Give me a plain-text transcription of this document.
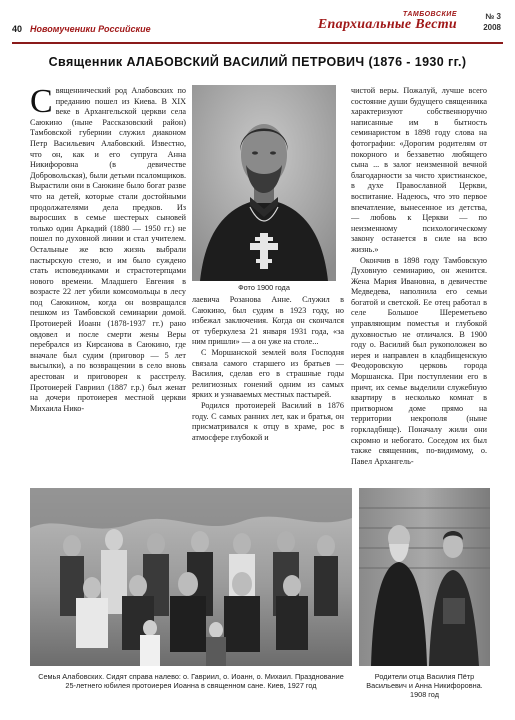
40 Новомученики Российские
ТАМБОВСКИЕ
Епархиальные Вести
№ 3
2008
Священник АЛАБОВСКИЙ ВАСИЛИЙ ПЕТРОВИЧ (1876 - 1930 гг.)
С вященнический род Алабовских по преданию пошел из Киева. В XIX веке в Архангельской церкви села Саюкино (ныне Рассказовский район) Тамбовской губернии служил диаконом Петр Васильевич Алабовский. Известно, что он, как и его супруга Анна Никифоровна (в девичестве Добровольская), были детьми псаломщиков. Вырастили они в Саюкине было богат разве что на детей, которые стали достойными продолжателями дела предков. Из выросших в семье шестерых сыновей только один Аркадий (1880 — 1950 гг.) не пошел по духовной линии и стал учителем. Остальные же всю жизнь выбрали пастырскую стезю, и им было суждено стать исповедниками и страстотерпцами нового времени. Младшего Евгения в возрасте 22 лет убили комсомольцы в лесу под Саюкином, когда он возвращался пешком из Тамбовской семинарии домой. Протоиерей Иоанн (1878-1937 гг.) рано овдовел и после смерти жены Веры перебрался из Кирсанова в Саюкино, где вначале был судим (приговор — 5 лет высылки), а по возвращении в село вновь арестован и приговорен к расстрелу. Протоиерей Гавриил (1887 г.р.) был женат на дочери протоиерея местной церкви Михаила Нико-

Фото 1900 года

лаевича Розанова Анне. Служил в Саюкино, был судим в 1923 году, но избежал заключения. Когда он скончался от туберкулеза 21 января 1931 года, «за ним пришли» — а он уже на столе...

С Моршанской землей воля Господня связала самого старшего из братьев — Василия, сделав его в страшные годы религиозных гонений одним из самых ярких и узнаваемых местных пастырей.

Родился протоиерей Василий в 1876 году. С самых ранних лет, как и братья, он присматривался к отцу в храме, рос в атмосфере глубокой и

чистой веры. Пожалуй, лучше всего состояние души будущего священника характеризуют собственноручно написанные им в бытность семинаристом в 1898 году слова на фотографии: «Дорогим родителям от покорного и беззаветно любящего сына ... в залог неизменной вечной благодарности за чисто христианское, в духе Православной Церкви, воспитание. Надеюсь, что это первое впечатление, вынесенное из детства, — любовь к Церкви — по неизменному психологическому закону останется в силе на всю жизнь.»

Окончив в 1898 году Тамбовскую Духовную семинарию, он женится. Жена Мария Ивановна, в девичестве Медведева, наполнила его семьи богатой и светской. Ее отец работал в селе Большое Шереметьево управляющим поместья и глубокой духовностью не отличался. В 1900 году о. Василий был рукоположен во иерея и направлен в кладбищенскую Феодоровскую церковь города Моршанска. При поступлении его в причт, их семье выделили служебную квартиру в несколько комнат в притворном доме прямо на территории некрополя (ныне горкладбище). Поначалу жили они скромно и небогато. Соседом их был также священник, по-видимому, о. Павел Архангель-

Семья Алабовских. Сидят справа налево: о. Гавриил, о. Иоанн, о. Михаил. Празднование 25-летнего юбилея протоиерея Иоанна в священном сане. Киев, 1927 год
Родители отца Василия Пётр Васильевич и Анна Никифоровна. 1908 год
